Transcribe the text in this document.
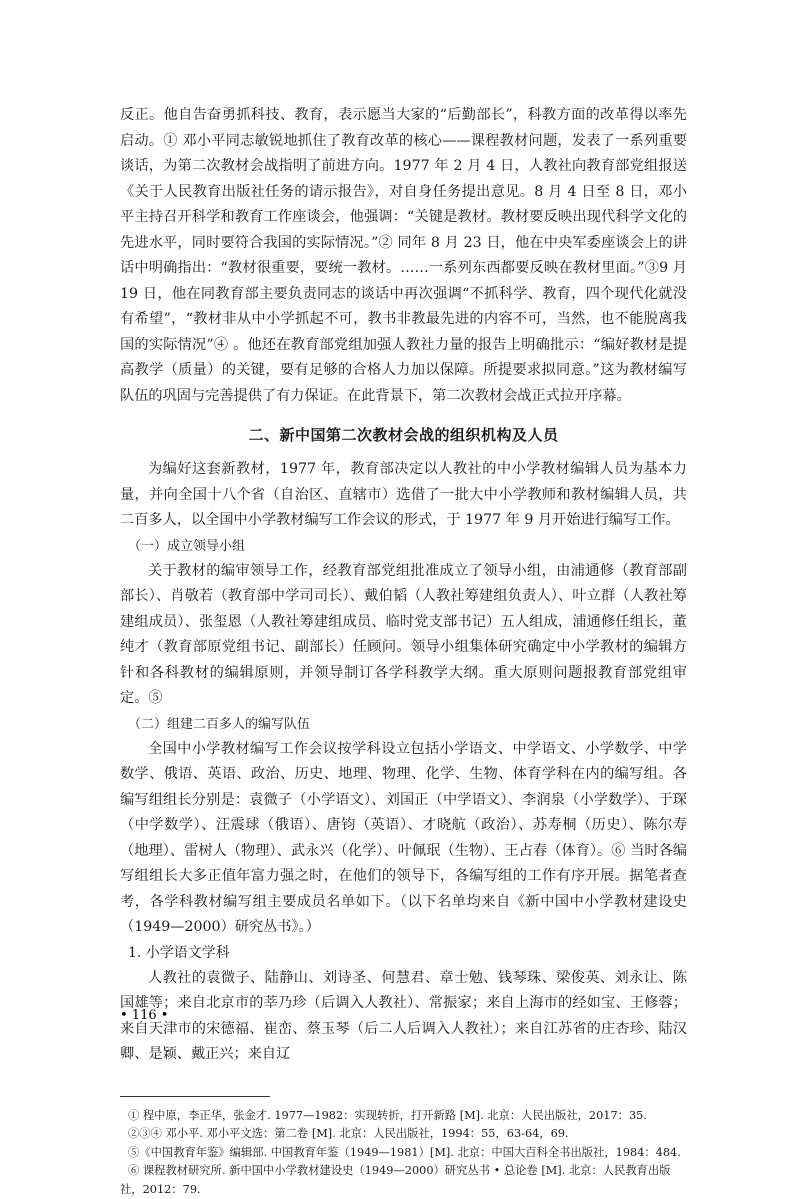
反正。他自告奋勇抓科技、教育，表示愿当大家的“后勤部长”，科教方面的改革得以率先启动。① 邓小平同志敏锐地抓住了教育改革的核心——课程教材问题，发表了一系列重要谈话，为第二次教材会战指明了前进方向。1977 年 2 月 4 日，人教社向教育部党组报送《关于人民教育出版社任务的请示报告》，对自身任务提出意见。8 月 4 日至 8 日，邓小平主持召开科学和教育工作座谈会，他强调：“关键是教材。教材要反映出现代科学文化的先进水平，同时要符合我国的实际情况。”② 同年 8 月 23 日，他在中央军委座谈会上的讲话中明确指出：“教材很重要，要统一教材。……一系列东西都要反映在教材里面。”③9 月 19 日，他在同教育部主要负责同志的谈话中再次强调“不抓科学、教育，四个现代化就没有希望”，“教材非从中小学抓起不可，教书非教最先进的内容不可，当然，也不能脱离我国的实际情况”④ 。他还在教育部党组加强人教社力量的报告上明确批示：“编好教材是提高教学（质量）的关键，要有足够的合格人力加以保障。所提要求拟同意。”这为教材编写队伍的巩固与完善提供了有力保证。在此背景下，第二次教材会战正式拉开序幕。

二、新中国第二次教材会战的组织机构及人员

为编好这套新教材，1977 年，教育部决定以人教社的中小学教材编辑人员为基本力量，并向全国十八个省（自治区、直辖市）选借了一批大中小学教师和教材编辑人员，共二百多人，以全国中小学教材编写工作会议的形式，于 1977 年 9 月开始进行编写工作。

（一）成立领导小组

关于教材的编审领导工作，经教育部党组批准成立了领导小组，由浦通修（教育部副部长）、肖敬若（教育部中学司司长）、戴伯韬（人教社筹建组负责人）、叶立群（人教社筹建组成员）、张玺恩（人教社筹建组成员、临时党支部书记）五人组成，浦通修任组长，董纯才（教育部原党组书记、副部长）任顾问。领导小组集体研究确定中小学教材的编辑方针和各科教材的编辑原则，并领导制订各学科教学大纲。重大原则问题报教育部党组审定。⑤

（二）组建二百多人的编写队伍

全国中小学教材编写工作会议按学科设立包括小学语文、中学语文、小学数学、中学数学、俄语、英语、政治、历史、地理、物理、化学、生物、体育学科在内的编写组。各编写组组长分别是：袁微子（小学语文）、刘国正（中学语文）、李润泉（小学数学）、于琛（中学数学）、汪震球（俄语）、唐钧（英语）、才晓航（政治）、苏寿桐（历史）、陈尔寿（地理）、雷树人（物理）、武永兴（化学）、叶佩珉（生物）、王占春（体育）。⑥ 当时各编写组组长大多正值年富力强之时，在他们的领导下，各编写组的工作有序开展。据笔者查考，各学科教材编写组主要成员名单如下。（以下名单均来自《新中国中小学教材建设史（1949—2000）研究丛书》。）

1. 小学语文学科

人教社的袁微子、陆静山、刘诗圣、何慧君、章士勉、钱琴珠、梁俊英、刘永让、陈国雄等；来自北京市的莘乃珍（后调入人教社）、常振家；来自上海市的经如宝、王修蓉；来自天津市的宋德福、崔峦、蔡玉琴（后二人后调入人教社）；来自江苏省的庄杏珍、陆汉卿、是颖、戴正兴；来自辽

① 程中原，李正华，张金才. 1977—1982：实现转折，打开新路 [M]. 北京：人民出版社，2017：35.

②③④ 邓小平. 邓小平文选：第二卷 [M]. 北京：人民出版社，1994：55，63-64，69.

⑤《中国教育年鉴》编辑部. 中国教育年鉴（1949—1981）[M]. 北京：中国大百科全书出版社，1984：484.

⑥ 课程教材研究所. 新中国中小学教材建设史（1949—2000）研究丛书 • 总论卷 [M]. 北京：人民教育出版

社，2012：79.

• 116 •
